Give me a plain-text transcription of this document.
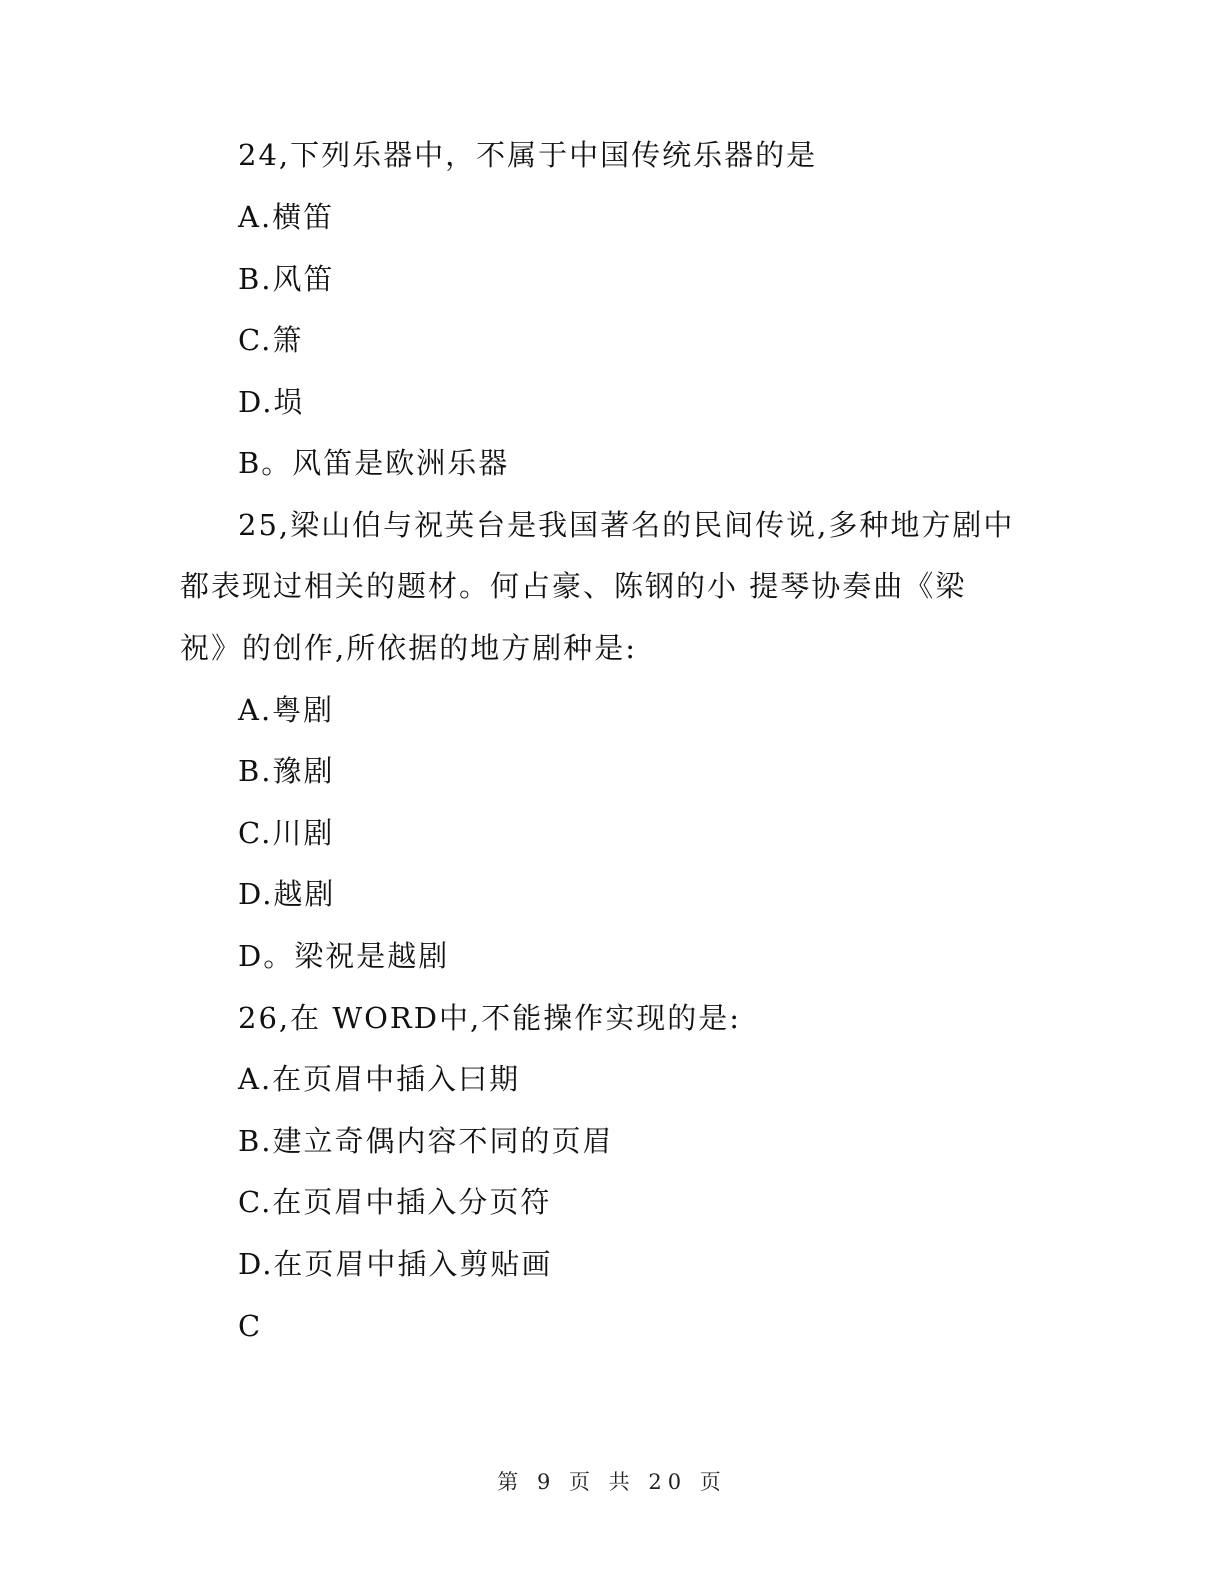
24,下列乐器中，不属于中国传统乐器的是
A.横笛
B.风笛
C.箫
D.埙
B。风笛是欧洲乐器
25,梁山伯与祝英台是我国著名的民间传说,多种地方剧中
都表现过相关的题材。何占豪、陈钢的小 提琴协奏曲《梁
祝》的创作,所依据的地方剧种是:
A.粤剧
B.豫剧
C.川剧
D.越剧
D。梁祝是越剧
26,在 WORD中,不能操作实现的是:
A.在页眉中插入曰期
B.建立奇偶内容不同的页眉
C.在页眉中插入分页符
D.在页眉中插入剪贴画
C
第 9 页 共 20 页
